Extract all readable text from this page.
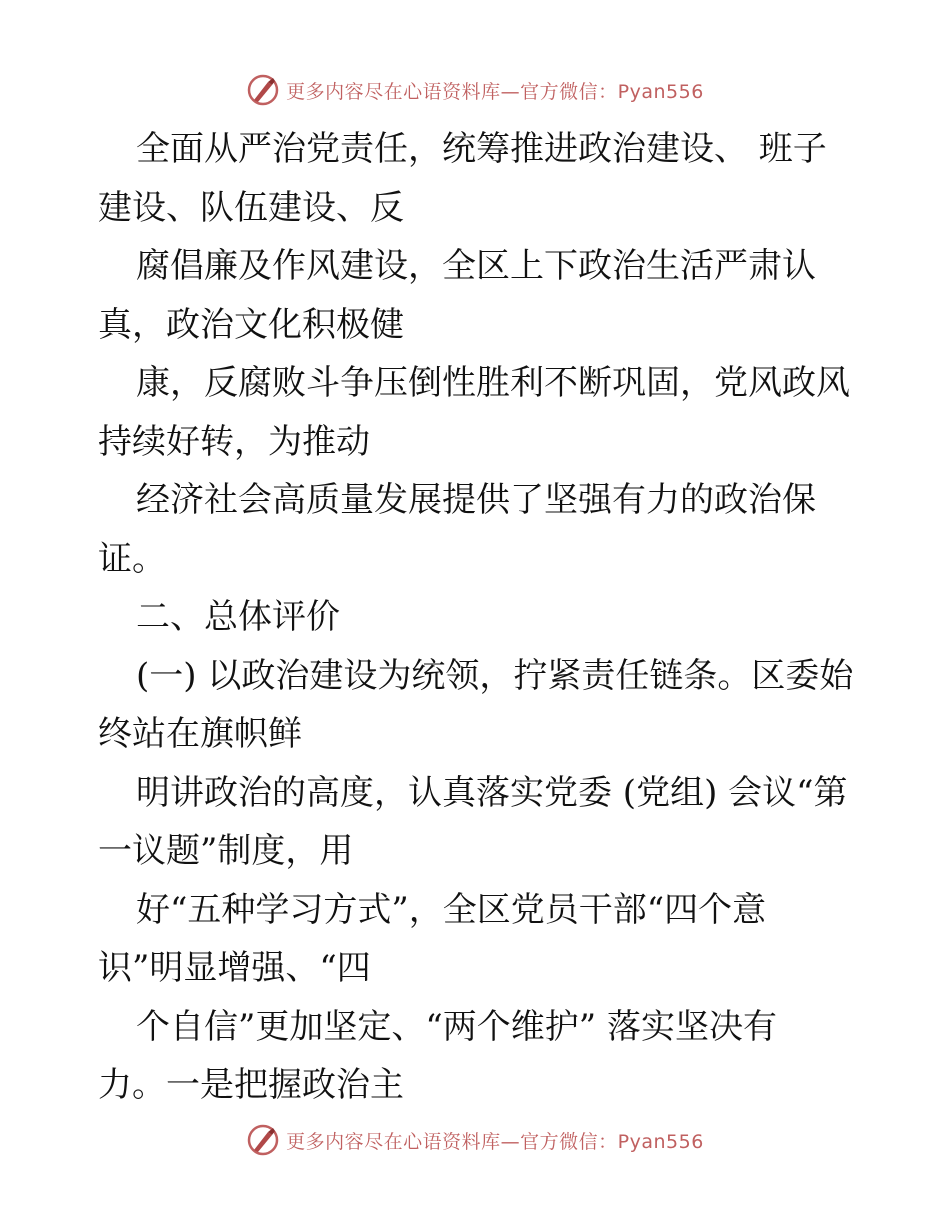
更多内容尽在心语资料库—官方微信：Pyan556

全面从严治党责任，统筹推进政治建设、 班子

建设、队伍建设、反

腐倡廉及作风建设，全区上下政治生活严肃认

真，政治文化积极健

康，反腐败斗争压倒性胜利不断巩固，党风政风

持续好转，为推动

经济社会高质量发展提供了坚强有力的政治保

证。

二、总体评价

(一) 以政治建设为统领，拧紧责任链条。区委始

终站在旗帜鲜

明讲政治的高度，认真落实党委 (党组) 会议“第

一议题”制度，用

好“五种学习方式”，全区党员干部“四个意

识”明显增强、“四

个自信”更加坚定、“两个维护” 落实坚决有

力。一是把握政治主

更多内容尽在心语资料库—官方微信：Pyan556
